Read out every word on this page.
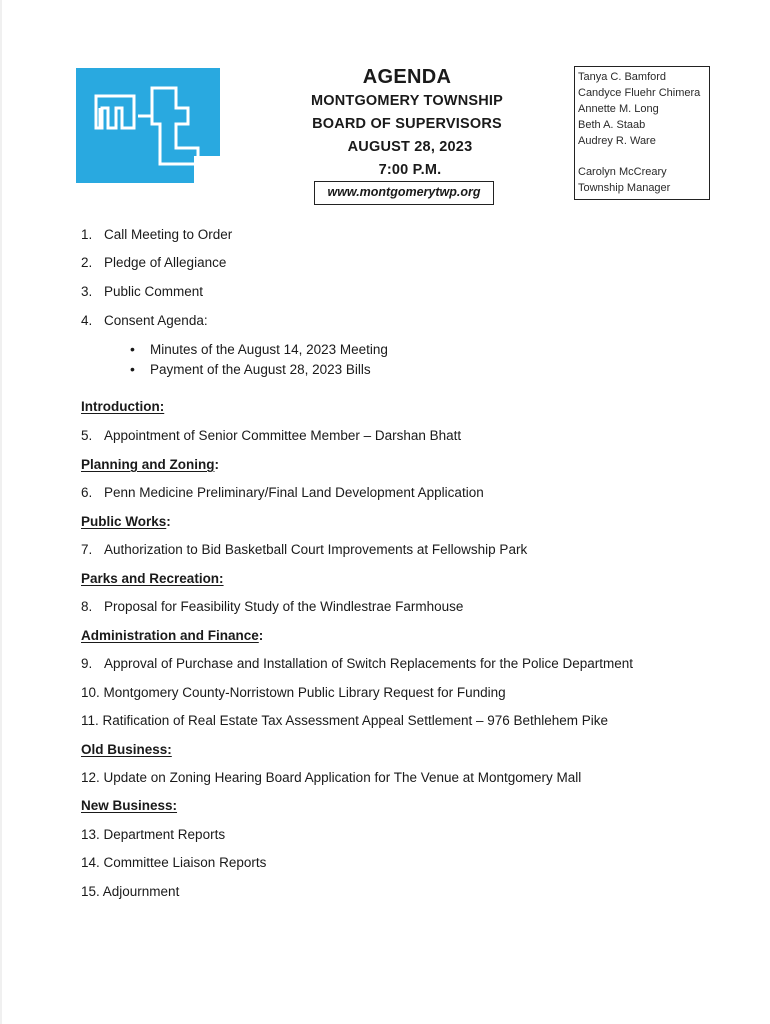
AGENDA
MONTGOMERY TOWNSHIP
BOARD OF SUPERVISORS
AUGUST 28, 2023
7:00 P.M.
www.montgomerytwp.org
Tanya C. Bamford
Candyce Fluehr Chimera
Annette M. Long
Beth A. Staab
Audrey R. Ware
Carolyn McCreary
Township Manager
1. Call Meeting to Order
2. Pledge of Allegiance
3. Public Comment
4. Consent Agenda:
• Minutes of the August 14, 2023 Meeting
• Payment of the August 28, 2023 Bills
Introduction:
5. Appointment of Senior Committee Member – Darshan Bhatt
Planning and Zoning:
6. Penn Medicine Preliminary/Final Land Development Application
Public Works:
7. Authorization to Bid Basketball Court Improvements at Fellowship Park
Parks and Recreation:
8. Proposal for Feasibility Study of the Windlestrae Farmhouse
Administration and Finance:
9. Approval of Purchase and Installation of Switch Replacements for the Police Department
10. Montgomery County-Norristown Public Library Request for Funding
11. Ratification of Real Estate Tax Assessment Appeal Settlement – 976 Bethlehem Pike
Old Business:
12. Update on Zoning Hearing Board Application for The Venue at Montgomery Mall
New Business:
13. Department Reports
14. Committee Liaison Reports
15. Adjournment
